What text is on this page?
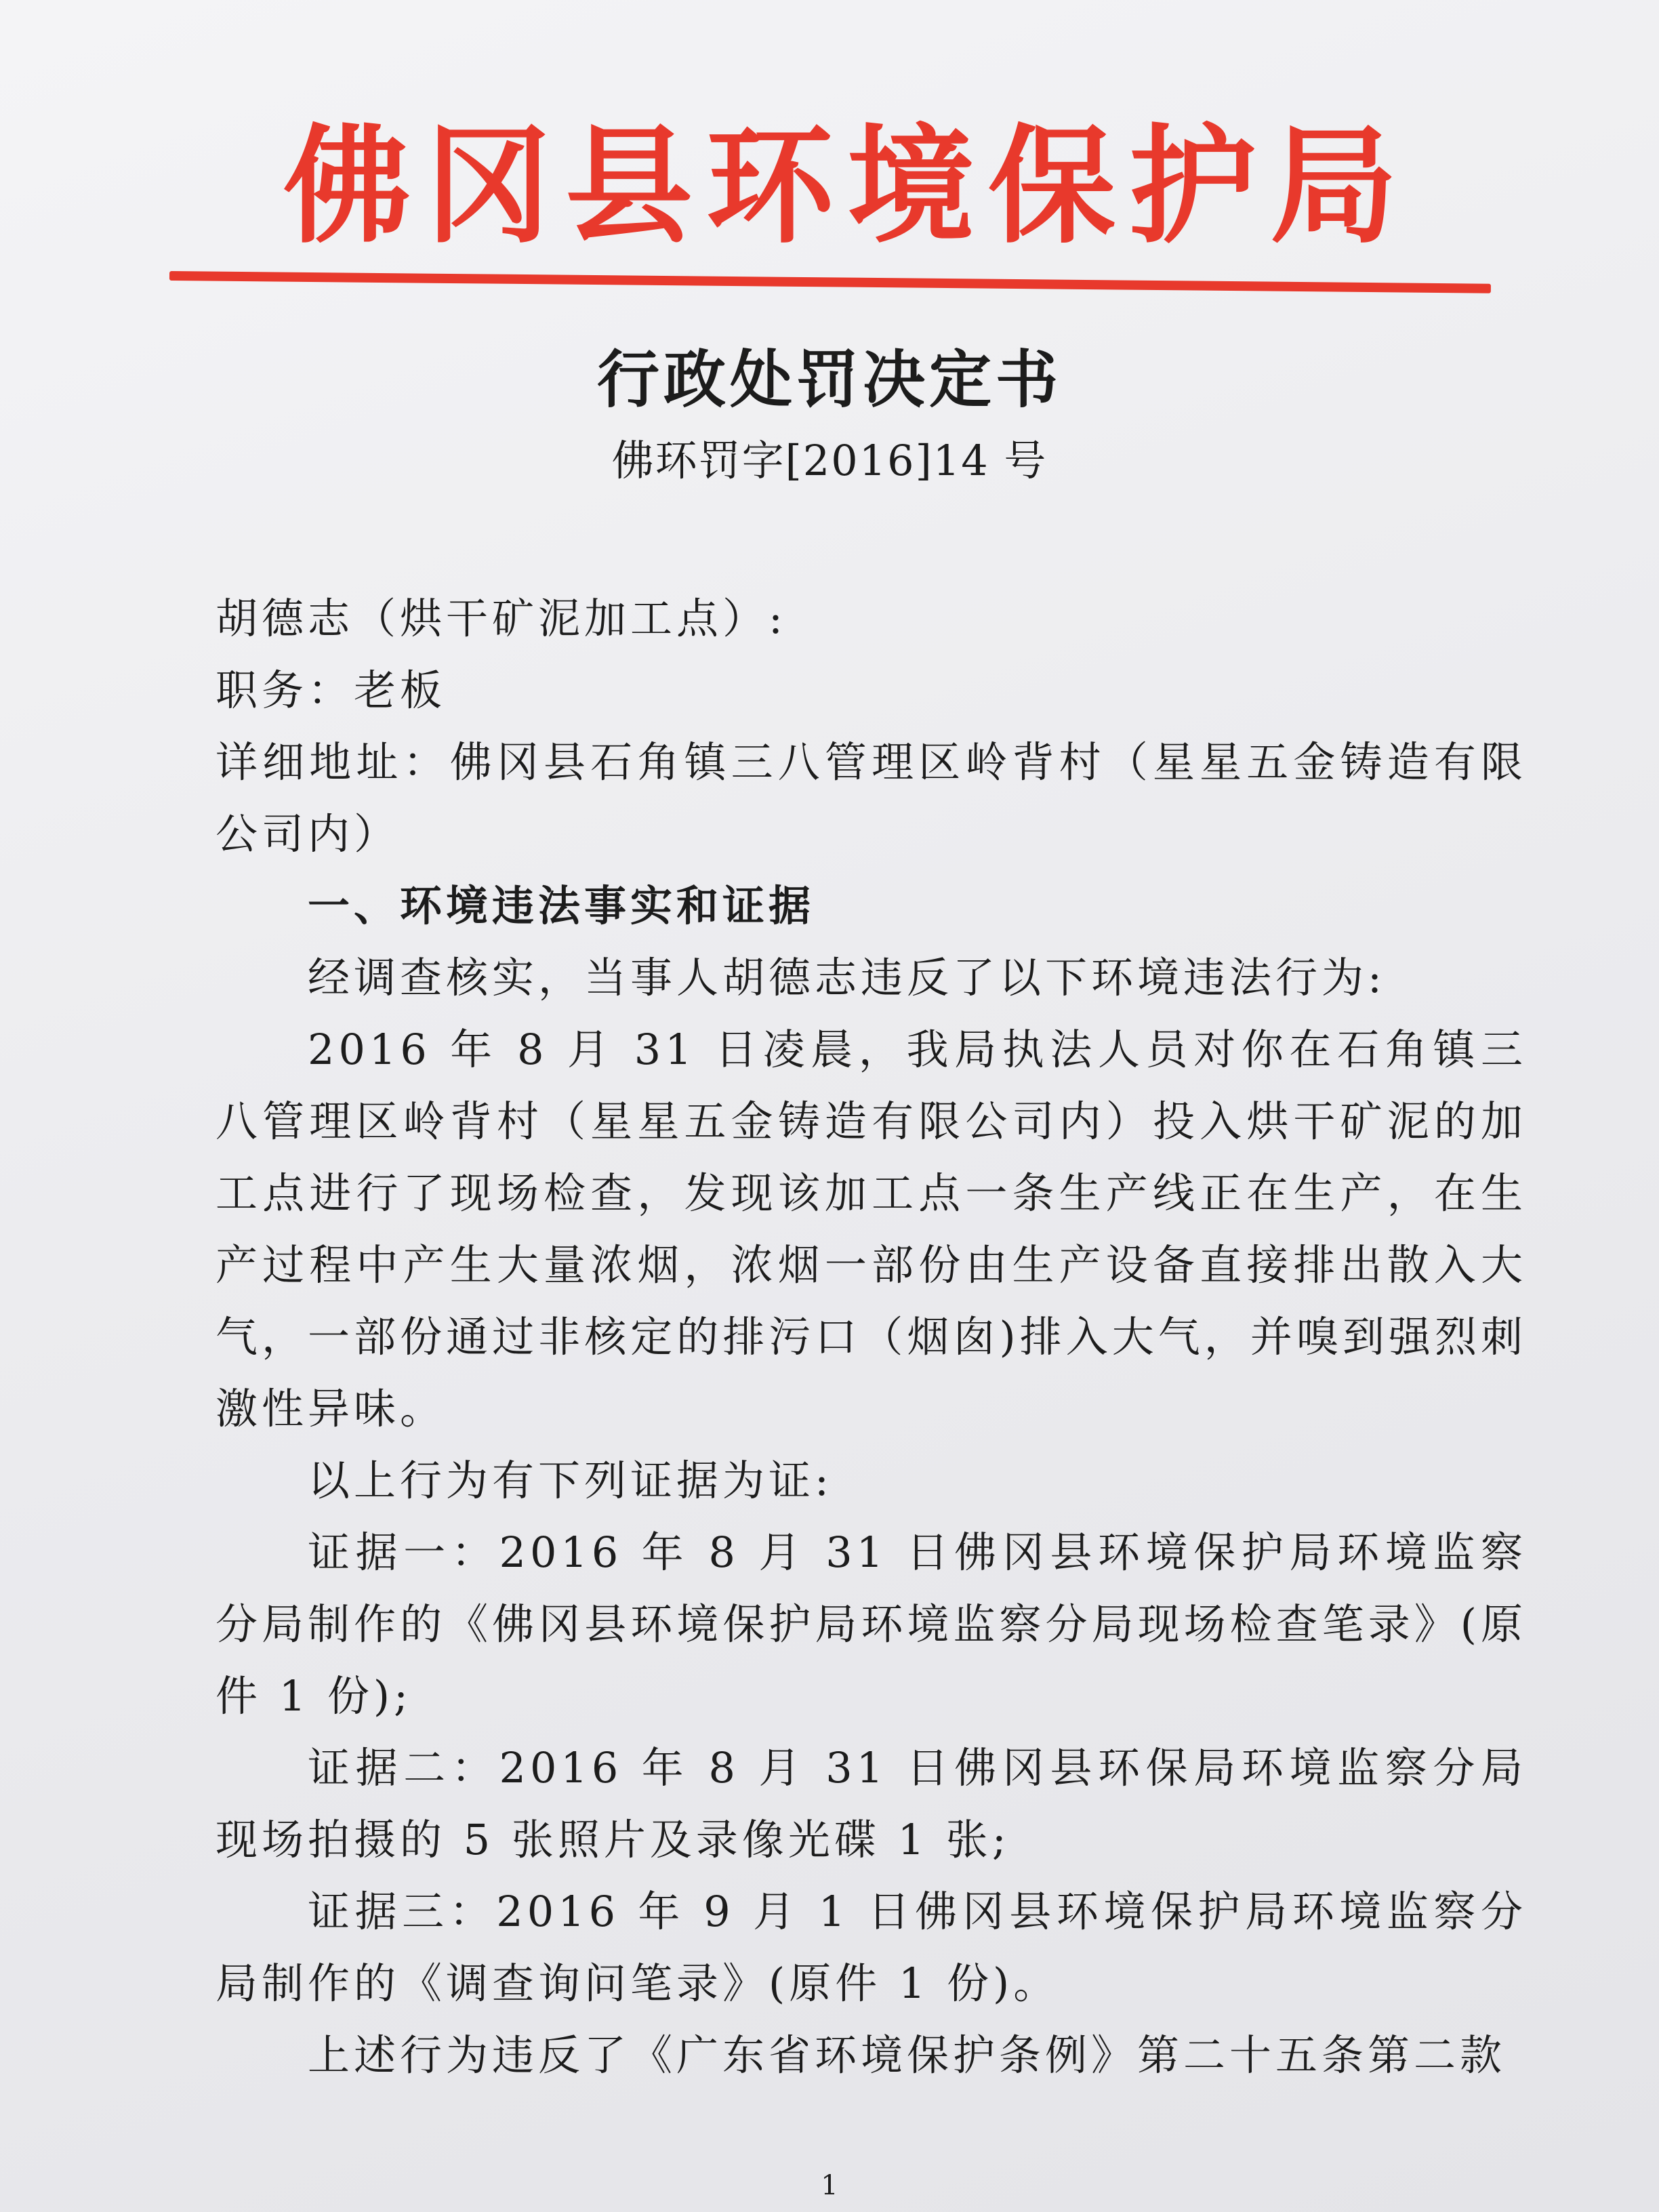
佛冈县环境保护局
行政处罚决定书
佛环罚字[2016]14 号

胡德志（烘干矿泥加工点）:

职务：老板

详细地址：佛冈县石角镇三八管理区岭背村（星星五金铸造有限公司内）

一、环境违法事实和证据

经调查核实，当事人胡德志违反了以下环境违法行为:

2016 年 8 月 31 日凌晨，我局执法人员对你在石角镇三八管理区岭背村（星星五金铸造有限公司内）投入烘干矿泥的加工点进行了现场检查，发现该加工点一条生产线正在生产，在生产过程中产生大量浓烟，浓烟一部份由生产设备直接排出散入大气，一部份通过非核定的排污口（烟囱)排入大气，并嗅到强烈刺激性异味。

以上行为有下列证据为证:

证据一：2016 年 8 月 31 日佛冈县环境保护局环境监察分局制作的《佛冈县环境保护局环境监察分局现场检查笔录》(原件 1 份);

证据二：2016 年 8 月 31 日佛冈县环保局环境监察分局现场拍摄的 5 张照片及录像光碟 1 张;

证据三：2016 年 9 月 1 日佛冈县环境保护局环境监察分局制作的《调查询问笔录》(原件 1 份)。

上述行为违反了《广东省环境保护条例》第二十五条第二款

1
